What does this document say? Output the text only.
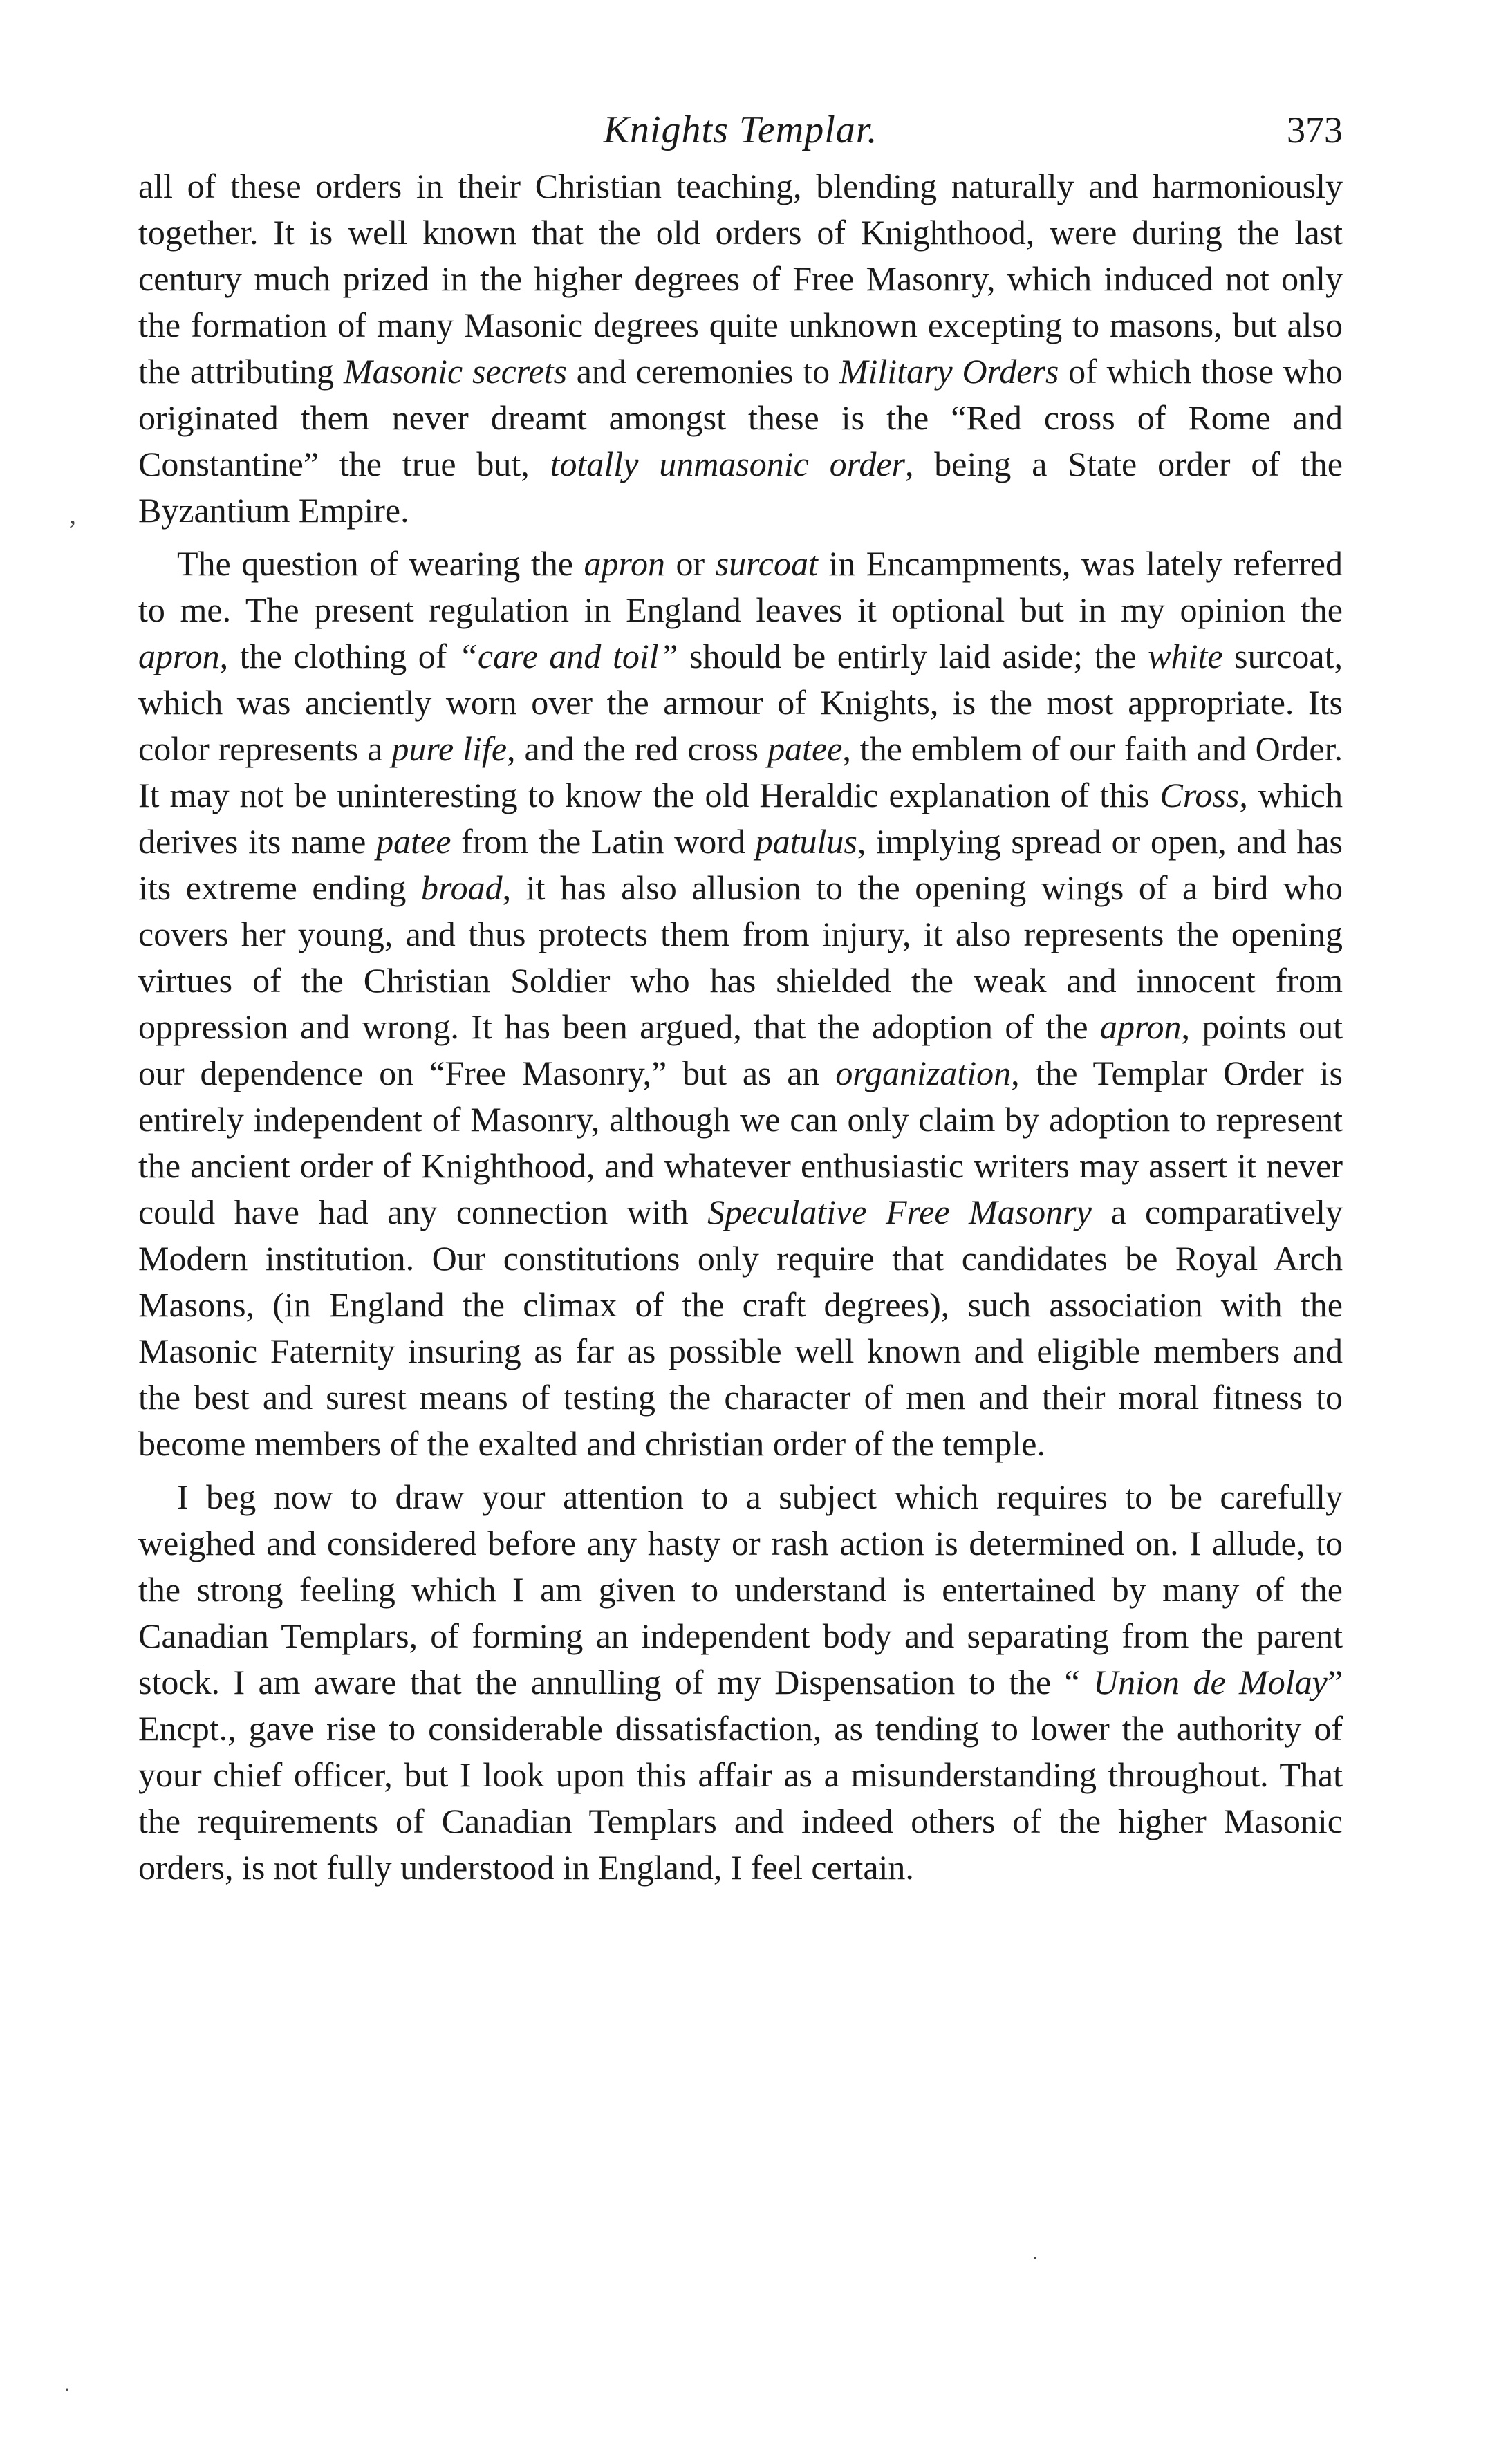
Knights Templar.	373

all of these orders in their Christian teaching, blending naturally and harmoniously together. It is well known that the old orders of Knighthood, were during the last century much prized in the higher degrees of Free Masonry, which induced not only the formation of many Masonic degrees quite unknown excepting to masons, but also the attributing Masonic secrets and ceremonies to Military Orders of which those who originated them never dreamt amongst these is the “Red cross of Rome and Constantine” the true but, totally unmasonic order, being a State order of the Byzantium Empire.

The question of wearing the apron or surcoat in Encampments, was lately referred to me. The present regulation in England leaves it optional but in my opinion the apron, the clothing of “care and toil” should be entirly laid aside; the white surcoat, which was anciently worn over the armour of Knights, is the most appropriate. Its color represents a pure life, and the red cross patee, the emblem of our faith and Order. It may not be uninteresting to know the old Heraldic explanation of this Cross, which derives its name patee from the Latin word patulus, implying spread or open, and has its extreme ending broad, it has also allusion to the opening wings of a bird who covers her young, and thus protects them from injury, it also represents the opening virtues of the Christian Soldier who has shielded the weak and innocent from oppression and wrong. It has been argued, that the adoption of the apron, points out our dependence on “Free Masonry,” but as an organization, the Templar Order is entirely independent of Masonry, although we can only claim by adoption to represent the ancient order of Knighthood, and whatever enthusiastic writers may assert it never could have had any connection with Speculative Free Masonry a comparatively Modern institution. Our constitutions only require that candidates be Royal Arch Masons, (in England the climax of the craft degrees), such association with the Masonic Faternity insuring as far as possible well known and eligible members and the best and surest means of testing the character of men and their moral fitness to become members of the exalted and christian order of the temple.

I beg now to draw your attention to a subject which requires to be carefully weighed and considered before any hasty or rash action is determined on. I allude, to the strong feeling which I am given to understand is entertained by many of the Canadian Templars, of forming an independent body and separating from the parent stock. I am aware that the annulling of my Dispensation to the “ Union de Molay” Encpt., gave rise to considerable dissatisfaction, as tending to lower the authority of your chief officer, but I look upon this affair as a misunderstanding throughout. That the requirements of Canadian Templars and indeed others of the higher Masonic orders, is not fully understood in England, I feel certain.

,
·
·
